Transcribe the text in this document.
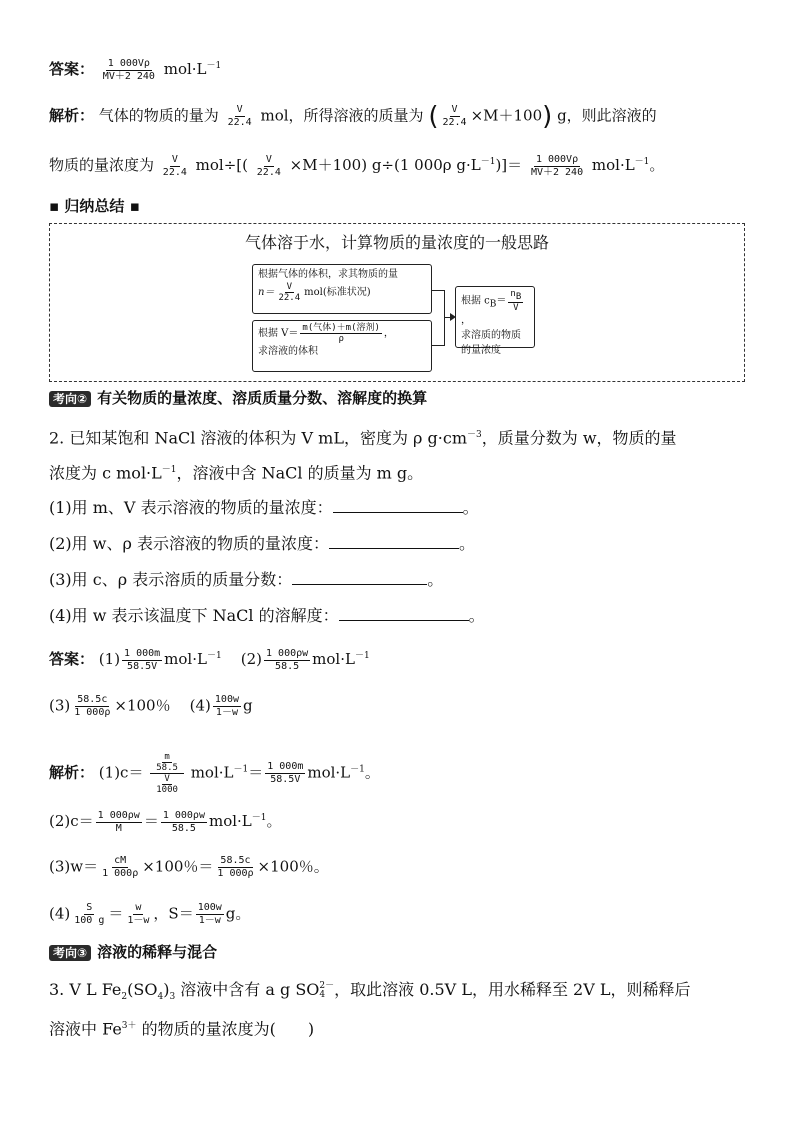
答案： $\frac{1 000V\rho}{MV+2 240} mol\cdot L^{-1}$
解析： 气体的物质的量为 $\frac{V}{22.4}$ mol，所得溶液的质量为 ( $\frac{V}{22.4} \times M+100$) g，则此溶液的
物质的量浓度为 $\frac{V}{22.4} mol\div[( \frac{V}{22.4} \times M+100)$ g÷(1 000ρ $g\cdot L^{-1})]= \frac{1 000V\rho}{MV+2 240} mol\cdot L^{-1}$。
▪ 归纳总结 ▪
气体溶于水，计算物质的量浓度的一般思路
根据气体的体积，求其物质的量
$n= \frac{V}{22.4} mol$(标准状况)
根据 $V= \frac{\text{m(气体)＋m(溶剂)}}{\rho}$ ，
求溶液的体积
根据 $c_B= \frac{n_B}{V}$
，
求溶质的物质
的量浓度
考向② 有关物质的量浓度、溶质质量分数、溶解度的换算
2. 已知某饱和 NaCl 溶液的体积为 V mL，密度为 ρ $g\cdot cm^{-3}$，质量分数为 w，物质的量
浓度为 c $mol\cdot L^{-1}$，溶液中含 NaCl 的质量为 m g。
(1)用 m、V 表示溶液的物质的量浓度：	。
(2)用 w、ρ 表示溶液的物质的量浓度：	。
(3)用 c、ρ 表示溶质的质量分数：	。
(4)用 w 表示该温度下 NaCl 的溶解度：	。
答案： $(1) \frac{1 000m}{58.5V} mol\cdot L^{-1}$ $(2) \frac{1 000\rho w}{58.5} mol\cdot L^{-1}$
$(3) \frac{58.5c}{1 000\rho} \times 100$％ $(4) \frac{100w}{1-w}$ g
解析： $(1)c= \frac{\frac{m}{58.5}}{\frac{V}{1000}} mol\cdot L^{-1}= \frac{1 000m}{58.5V} mol\cdot L^{-1}$。
$(2)c= \frac{1 000\rho w}{M} = \frac{1 000\rho w}{58.5} mol\cdot L^{-1}$。
$(3)w= \frac{cM}{1 000\rho} \times 100$％＝ $\frac{58.5c}{1 000\rho} \times 100$％。
$(4) \frac{S}{100 g} = \frac{w}{1-w}$ ，$S= \frac{100w}{1-w}$ g。
考向③ 溶液的稀释与混合
3. V L $Fe_2(SO_4)_3$ 溶液中含有 a g SO 2－
4 ，取此溶液 0.5V L，用水稀释至 2V L，则稀释后
溶液中 $Fe^{3+}$ 的物质的量浓度为(　　)
